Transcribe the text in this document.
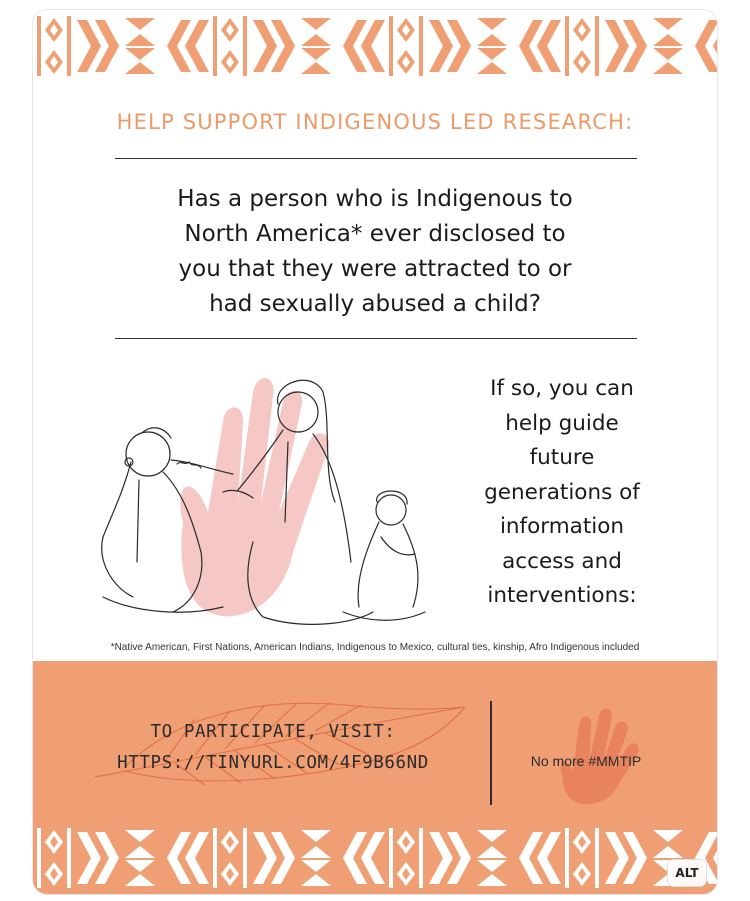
HELP SUPPORT INDIGENOUS LED RESEARCH:
Has a person who is Indigenous to
North America* ever disclosed to
you that they were attracted to or
had sexually abused a child?
If so, you can
help guide
future
generations of
information
access and
interventions:
*Native American, First Nations, American Indians, Indigenous to Mexico, cultural ties, kinship, Afro Indigenous included
TO PARTICIPATE, VISIT:
HTTPS://TINYURL.COM/4F9B66ND	No more #MMTIP
ALT
